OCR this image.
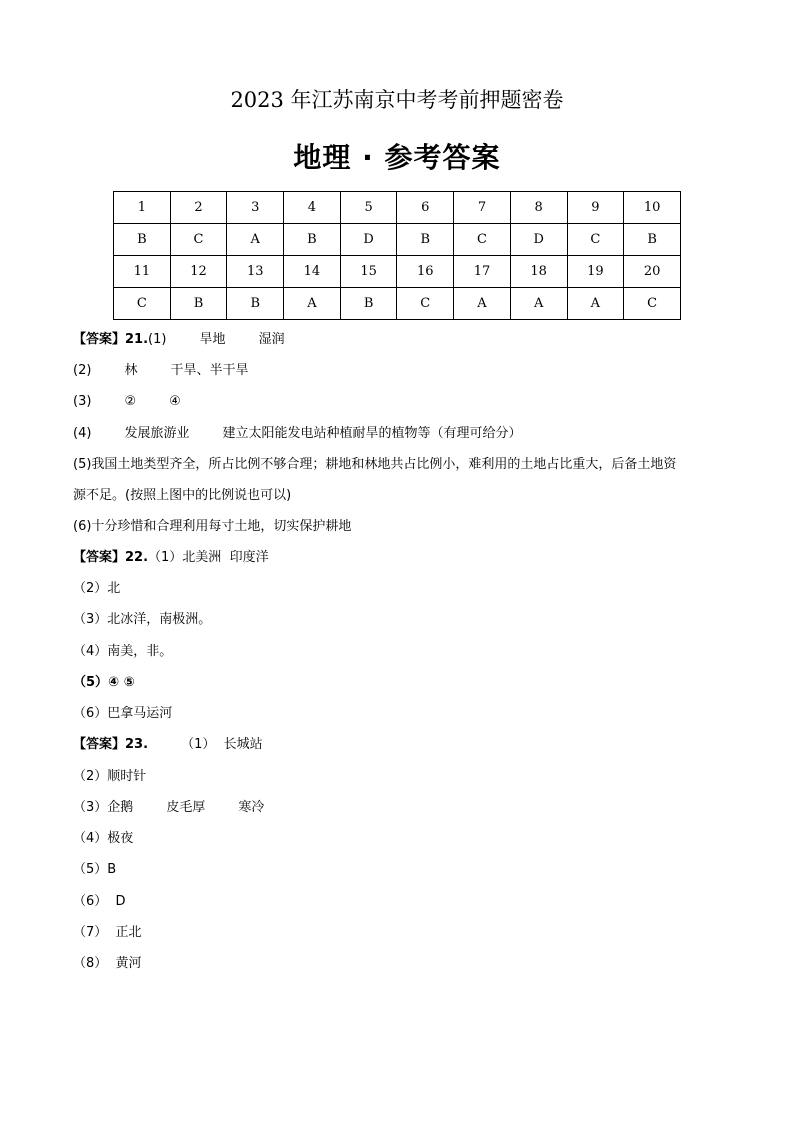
2023 年江苏南京中考考前押题密卷
地理 · 参考答案
1	2	3	4	5	6	7	8	9	10
B	C	A	B	D	B	C	D	C	B
11	12	13	14	15	16	17	18	19	20
C	B	B	A	B	C	A	A	A	C
【答案】21.(1)        旱地        湿润
(2)        林        干旱、半干旱
(3)        ②        ④
(4)        发展旅游业        建立太阳能发电站种植耐旱的植物等（有理可给分）
(5)我国土地类型齐全，所占比例不够合理；耕地和林地共占比例小，难利用的土地占比重大，后备土地资
源不足。(按照上图中的比例说也可以)
(6)十分珍惜和合理利用每寸土地，切实保护耕地
【答案】22.（1）北美洲  印度洋
（2）北
（3）北冰洋，南极洲。
（4）南美，非。
（5）④ ⑤
（6）巴拿马运河
【答案】23.        （1）  长城站
（2）顺时针
（3）企鹅        皮毛厚        寒冷
（4）极夜
（5）B
（6）  D
（7）  正北
（8）  黄河
